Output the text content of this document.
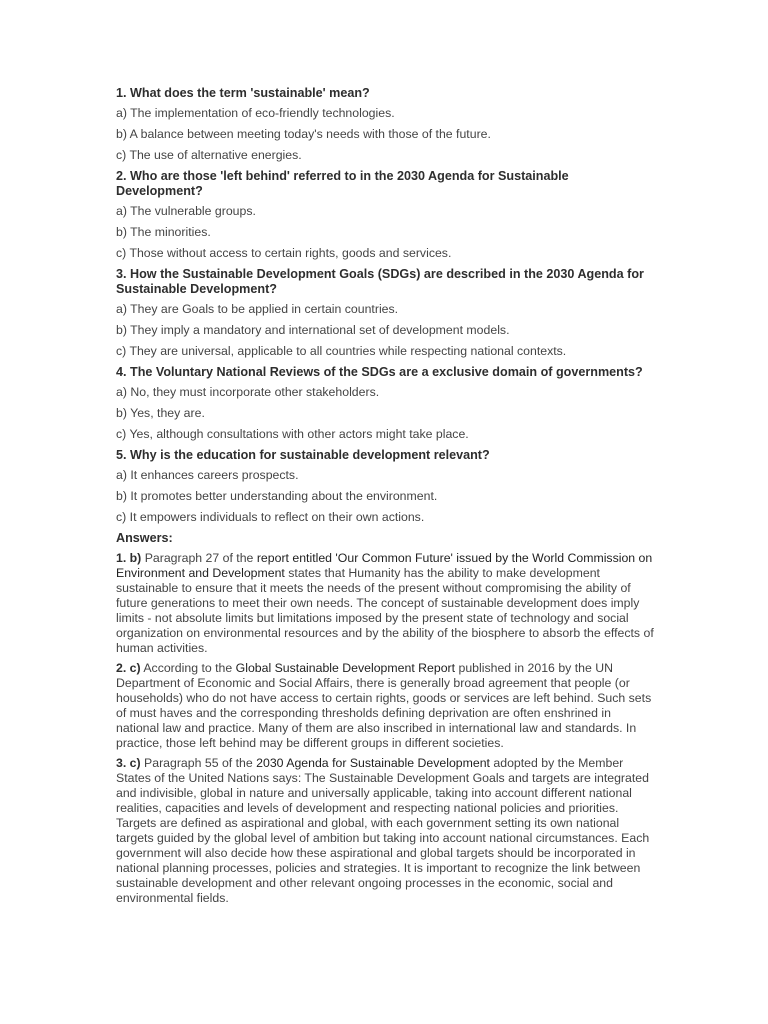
1. What does the term 'sustainable' mean?
a) The implementation of eco-friendly technologies.
b) A balance between meeting today's needs with those of the future.
c) The use of alternative energies.
2. Who are those 'left behind' referred to in the 2030 Agenda for Sustainable Development?
a) The vulnerable groups.
b) The minorities.
c) Those without access to certain rights, goods and services.
3. How the Sustainable Development Goals (SDGs) are described in the 2030 Agenda for Sustainable Development?
a) They are Goals to be applied in certain countries.
b) They imply a mandatory and international set of development models.
c) They are universal, applicable to all countries while respecting national contexts.
4. The Voluntary National Reviews of the SDGs are a exclusive domain of governments?
a) No, they must incorporate other stakeholders.
b) Yes, they are.
c) Yes, although consultations with other actors might take place.
5. Why is the education for sustainable development relevant?
a) It enhances careers prospects.
b) It promotes better understanding about the environment.
c) It empowers individuals to reflect on their own actions.
Answers:
1. b) Paragraph 27 of the report entitled 'Our Common Future' issued by the World Commission on Environment and Development states that Humanity has the ability to make development sustainable to ensure that it meets the needs of the present without compromising the ability of future generations to meet their own needs. The concept of sustainable development does imply limits - not absolute limits but limitations imposed by the present state of technology and social organization on environmental resources and by the ability of the biosphere to absorb the effects of human activities.
2. c) According to the Global Sustainable Development Report published in 2016 by the UN Department of Economic and Social Affairs, there is generally broad agreement that people (or households) who do not have access to certain rights, goods or services are left behind. Such sets of must haves and the corresponding thresholds defining deprivation are often enshrined in national law and practice. Many of them are also inscribed in international law and standards. In practice, those left behind may be different groups in different societies.
3. c) Paragraph 55 of the 2030 Agenda for Sustainable Development adopted by the Member States of the United Nations says: The Sustainable Development Goals and targets are integrated and indivisible, global in nature and universally applicable, taking into account different national realities, capacities and levels of development and respecting national policies and priorities. Targets are defined as aspirational and global, with each government setting its own national targets guided by the global level of ambition but taking into account national circumstances. Each government will also decide how these aspirational and global targets should be incorporated in national planning processes, policies and strategies. It is important to recognize the link between sustainable development and other relevant ongoing processes in the economic, social and environmental fields.
